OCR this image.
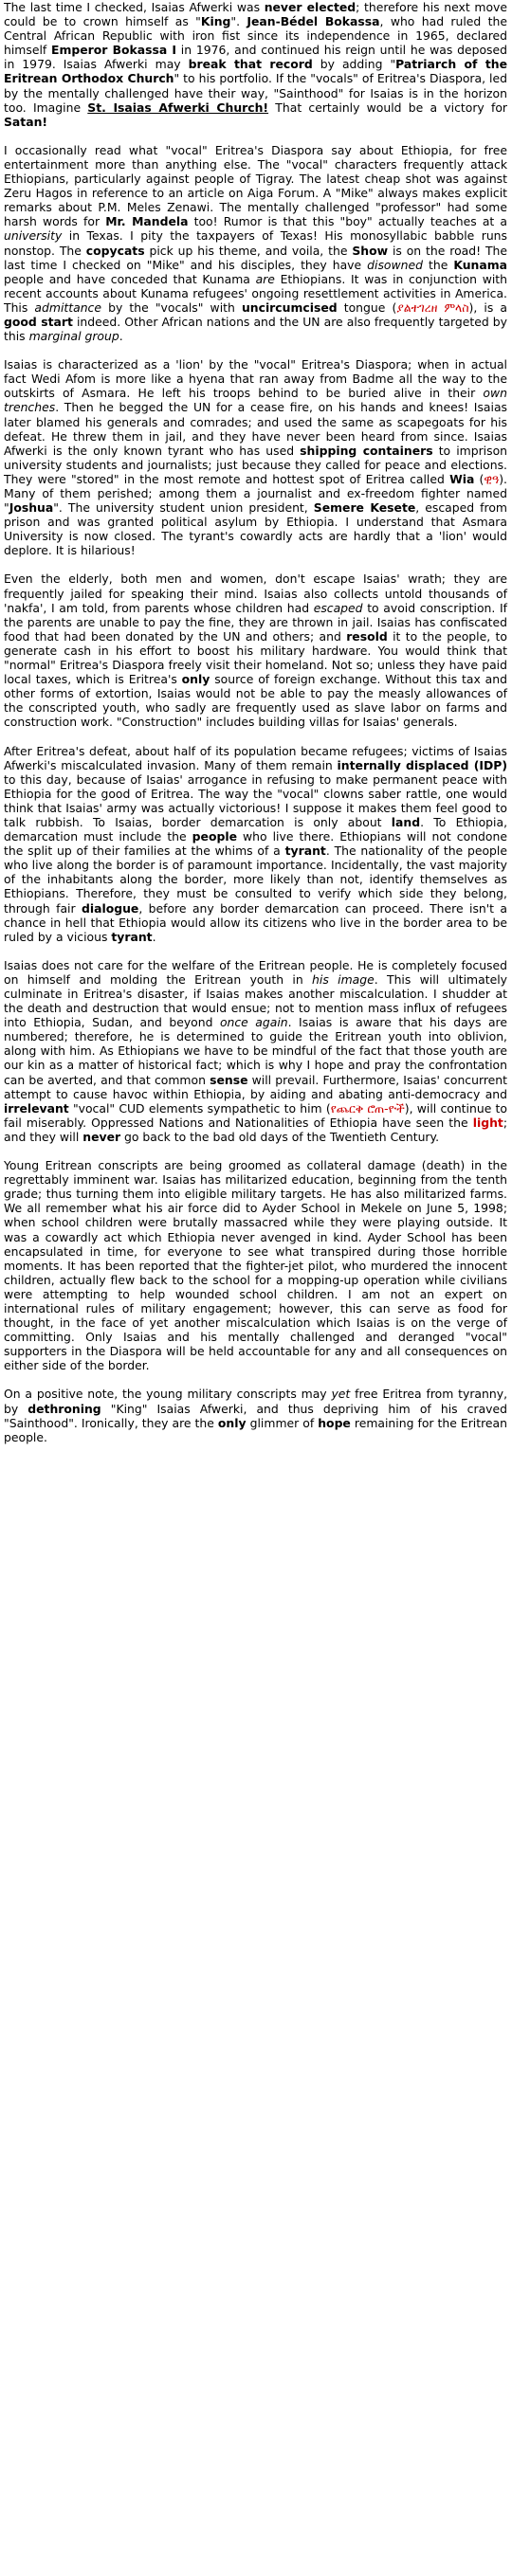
The last time I checked, Isaias Afwerki was never elected; therefore his next move could be to crown himself as "King". Jean-Bédel Bokassa, who had ruled the Central African Republic with iron fist since its independence in 1965, declared himself Emperor Bokassa I in 1976, and continued his reign until he was deposed in 1979. Isaias Afwerki may break that record by adding "Patriarch of the Eritrean Orthodox Church" to his portfolio. If the "vocals" of Eritrea's Diaspora, led by the mentally challenged have their way, "Sainthood" for Isaias is in the horizon too. Imagine St. Isaias Afwerki Church! That certainly would be a victory for Satan!

I occasionally read what "vocal" Eritrea's Diaspora say about Ethiopia, for free entertainment more than anything else. The "vocal" characters frequently attack Ethiopians, particularly against people of Tigray. The latest cheap shot was against Zeru Hagos in reference to an article on Aiga Forum. A "Mike" always makes explicit remarks about P.M. Meles Zenawi. The mentally challenged "professor" had some harsh words for Mr. Mandela too! Rumor is that this "boy" actually teaches at a university in Texas. I pity the taxpayers of Texas! His monosyllabic babble runs nonstop. The copycats pick up his theme, and voila, the Show is on the road! The last time I checked on "Mike" and his disciples, they have disowned the Kunama people and have conceded that Kunama are Ethiopians. It was in conjunction with recent accounts about Kunama refugees' ongoing resettlement activities in America. This admittance by the "vocals" with uncircumcised tongue (ያልተገረዘ ምላስ), is a good start indeed. Other African nations and the UN are also frequently targeted by this marginal group.

Isaias is characterized as a 'lion' by the "vocal" Eritrea's Diaspora; when in actual fact Wedi Afom is more like a hyena that ran away from Badme all the way to the outskirts of Asmara. He left his troops behind to be buried alive in their own trenches. Then he begged the UN for a cease fire, on his hands and knees! Isaias later blamed his generals and comrades; and used the same as scapegoats for his defeat. He threw them in jail, and they have never been heard from since. Isaias Afwerki is the only known tyrant who has used shipping containers to imprison university students and journalists; just because they called for peace and elections. They were "stored" in the most remote and hottest spot of Eritrea called Wia (ዊዓ). Many of them perished; among them a journalist and ex-freedom fighter named "Joshua". The university student union president, Semere Kesete, escaped from prison and was granted political asylum by Ethiopia. I understand that Asmara University is now closed. The tyrant's cowardly acts are hardly that a 'lion' would deplore. It is hilarious!

Even the elderly, both men and women, don't escape Isaias' wrath; they are frequently jailed for speaking their mind. Isaias also collects untold thousands of 'nakfa', I am told, from parents whose children had escaped to avoid conscription. If the parents are unable to pay the fine, they are thrown in jail. Isaias has confiscated food that had been donated by the UN and others; and resold it to the people, to generate cash in his effort to boost his military hardware. You would think that "normal" Eritrea's Diaspora freely visit their homeland. Not so; unless they have paid local taxes, which is Eritrea's only source of foreign exchange. Without this tax and other forms of extortion, Isaias would not be able to pay the measly allowances of the conscripted youth, who sadly are frequently used as slave labor on farms and construction work. "Construction" includes building villas for Isaias' generals.

After Eritrea's defeat, about half of its population became refugees; victims of Isaias Afwerki's miscalculated invasion. Many of them remain internally displaced (IDP) to this day, because of Isaias' arrogance in refusing to make permanent peace with Ethiopia for the good of Eritrea. The way the "vocal" clowns saber rattle, one would think that Isaias' army was actually victorious! I suppose it makes them feel good to talk rubbish. To Isaias, border demarcation is only about land. To Ethiopia, demarcation must include the people who live there. Ethiopians will not condone the split up of their families at the whims of a tyrant. The nationality of the people who live along the border is of paramount importance. Incidentally, the vast majority of the inhabitants along the border, more likely than not, identify themselves as Ethiopians. Therefore, they must be consulted to verify which side they belong, through fair dialogue, before any border demarcation can proceed. There isn't a chance in hell that Ethiopia would allow its citizens who live in the border area to be ruled by a vicious tyrant.

Isaias does not care for the welfare of the Eritrean people. He is completely focused on himself and molding the Eritrean youth in his image. This will ultimately culminate in Eritrea's disaster, if Isaias makes another miscalculation. I shudder at the death and destruction that would ensue; not to mention mass influx of refugees into Ethiopia, Sudan, and beyond once again. Isaias is aware that his days are numbered; therefore, he is determined to guide the Eritrean youth into oblivion, along with him. As Ethiopians we have to be mindful of the fact that those youth are our kin as a matter of historical fact; which is why I hope and pray the confrontation can be averted, and that common sense will prevail. Furthermore, Isaias' concurrent attempt to cause havoc within Ethiopia, by aiding and abating anti-democracy and irrelevant "vocal" CUD elements sympathetic to him (የጨርቅ ሮጠ-ዮች), will continue to fail miserably. Oppressed Nations and Nationalities of Ethiopia have seen the light; and they will never go back to the bad old days of the Twentieth Century.

Young Eritrean conscripts are being groomed as collateral damage (death) in the regrettably imminent war. Isaias has militarized education, beginning from the tenth grade; thus turning them into eligible military targets. He has also militarized farms. We all remember what his air force did to Ayder School in Mekele on June 5, 1998; when school children were brutally massacred while they were playing outside. It was a cowardly act which Ethiopia never avenged in kind. Ayder School has been encapsulated in time, for everyone to see what transpired during those horrible moments. It has been reported that the fighter-jet pilot, who murdered the innocent children, actually flew back to the school for a mopping-up operation while civilians were attempting to help wounded school children. I am not an expert on international rules of military engagement; however, this can serve as food for thought, in the face of yet another miscalculation which Isaias is on the verge of committing. Only Isaias and his mentally challenged and deranged "vocal" supporters in the Diaspora will be held accountable for any and all consequences on either side of the border.

On a positive note, the young military conscripts may yet free Eritrea from tyranny, by dethroning "King" Isaias Afwerki, and thus depriving him of his craved "Sainthood". Ironically, they are the only glimmer of hope remaining for the Eritrean people.
